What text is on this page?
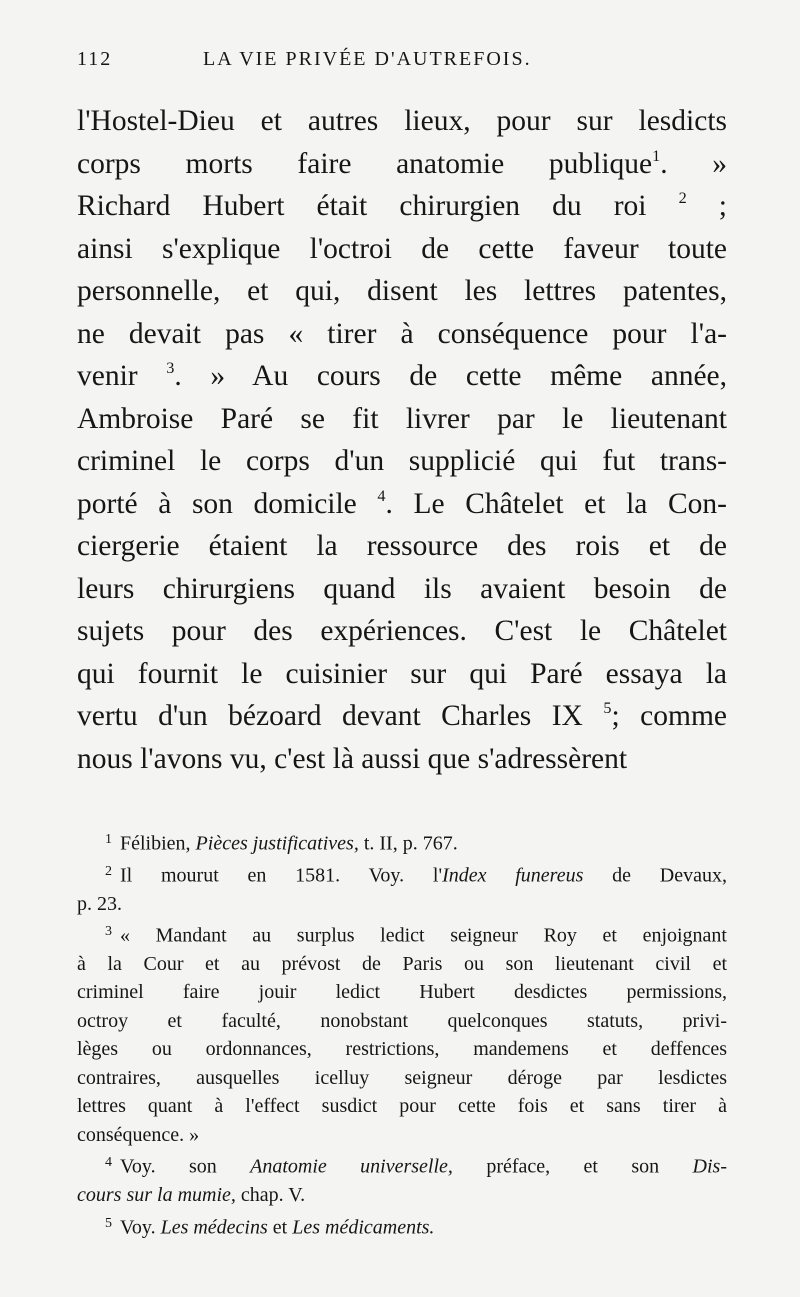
112	LA VIE PRIVÉE D'AUTREFOIS.
l'Hostel-Dieu et autres lieux, pour sur lesdicts
corps morts faire anatomie publique$^1$. »
Richard Hubert était chirurgien du roi $^2$ ;
ainsi s'explique l'octroi de cette faveur toute
personnelle, et qui, disent les lettres patentes,
ne devait pas « tirer à conséquence pour l'a-
venir $^3$. » Au cours de cette même année,
Ambroise Paré se fit livrer par le lieutenant
criminel le corps d'un supplicié qui fut trans-
porté à son domicile $^4$. Le Châtelet et la Con-
ciergerie étaient la ressource des rois et de
leurs chirurgiens quand ils avaient besoin de
sujets pour des expériences. C'est le Châtelet
qui fournit le cuisinier sur qui Paré essaya la
vertu d'un bézoard devant Charles IX $^5$; comme
nous l'avons vu, c'est là aussi que s'adressèrent

$^1$ Félibien, Pièces justificatives, t. II, p. 767.

$^2$ Il mourut en 1581. Voy. l'Index funereus de Devaux,
p. 23.

$^3$ « Mandant au surplus ledict seigneur Roy et enjoignant
à la Cour et au prévost de Paris ou son lieutenant civil et
criminel faire jouir ledict Hubert desdictes permissions,
octroy et faculté, nonobstant quelconques statuts, privi-
lèges ou ordonnances, restrictions, mandemens et deffences
contraires, ausquelles icelluy seigneur déroge par lesdictes
lettres quant à l'effect susdict pour cette fois et sans tirer à
conséquence. »

$^4$ Voy. son Anatomie universelle, préface, et son Dis-
cours sur la mumie, chap. V.

$^5$ Voy. Les médecins et Les médicaments.
